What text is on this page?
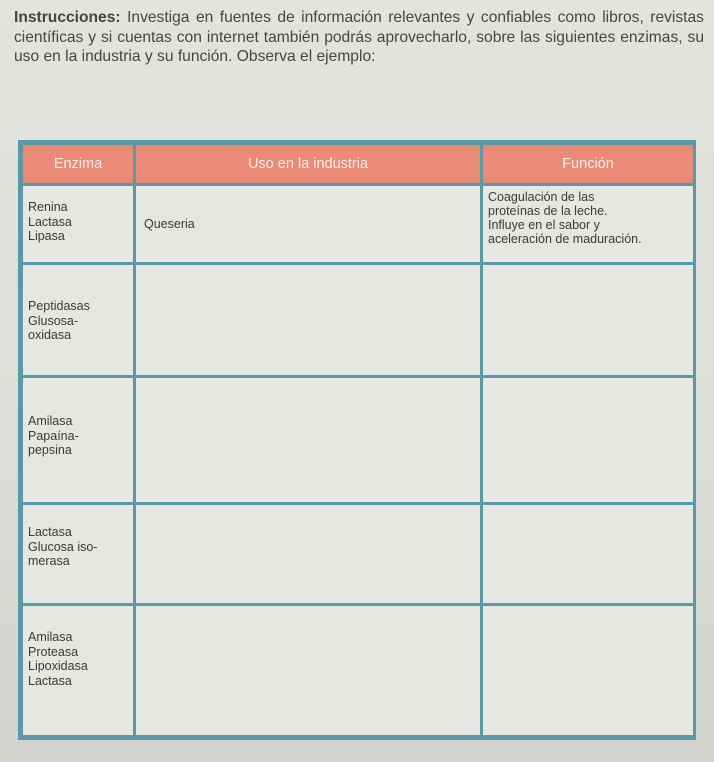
Instrucciones: Investiga en fuentes de información relevantes y confiables como libros, revistas científicas y si cuentas con internet también podrás aprovecharlo, sobre las siguientes enzimas, su uso en la industria y su función. Observa el ejemplo:

Enzima	Uso en la industria	Función

Renina
Lactasa
Lipasa	Queseria	Coagulación de las
proteínas de la leche.
Influye en el sabor y
aceleración de maduración.

Peptidasas
Glusosa-
oxidasa		

Amilasa
Papaína-
pepsina		

Lactasa
Glucosa iso-
merasa		

Amilasa
Proteasa
Lipoxidasa
Lactasa		
